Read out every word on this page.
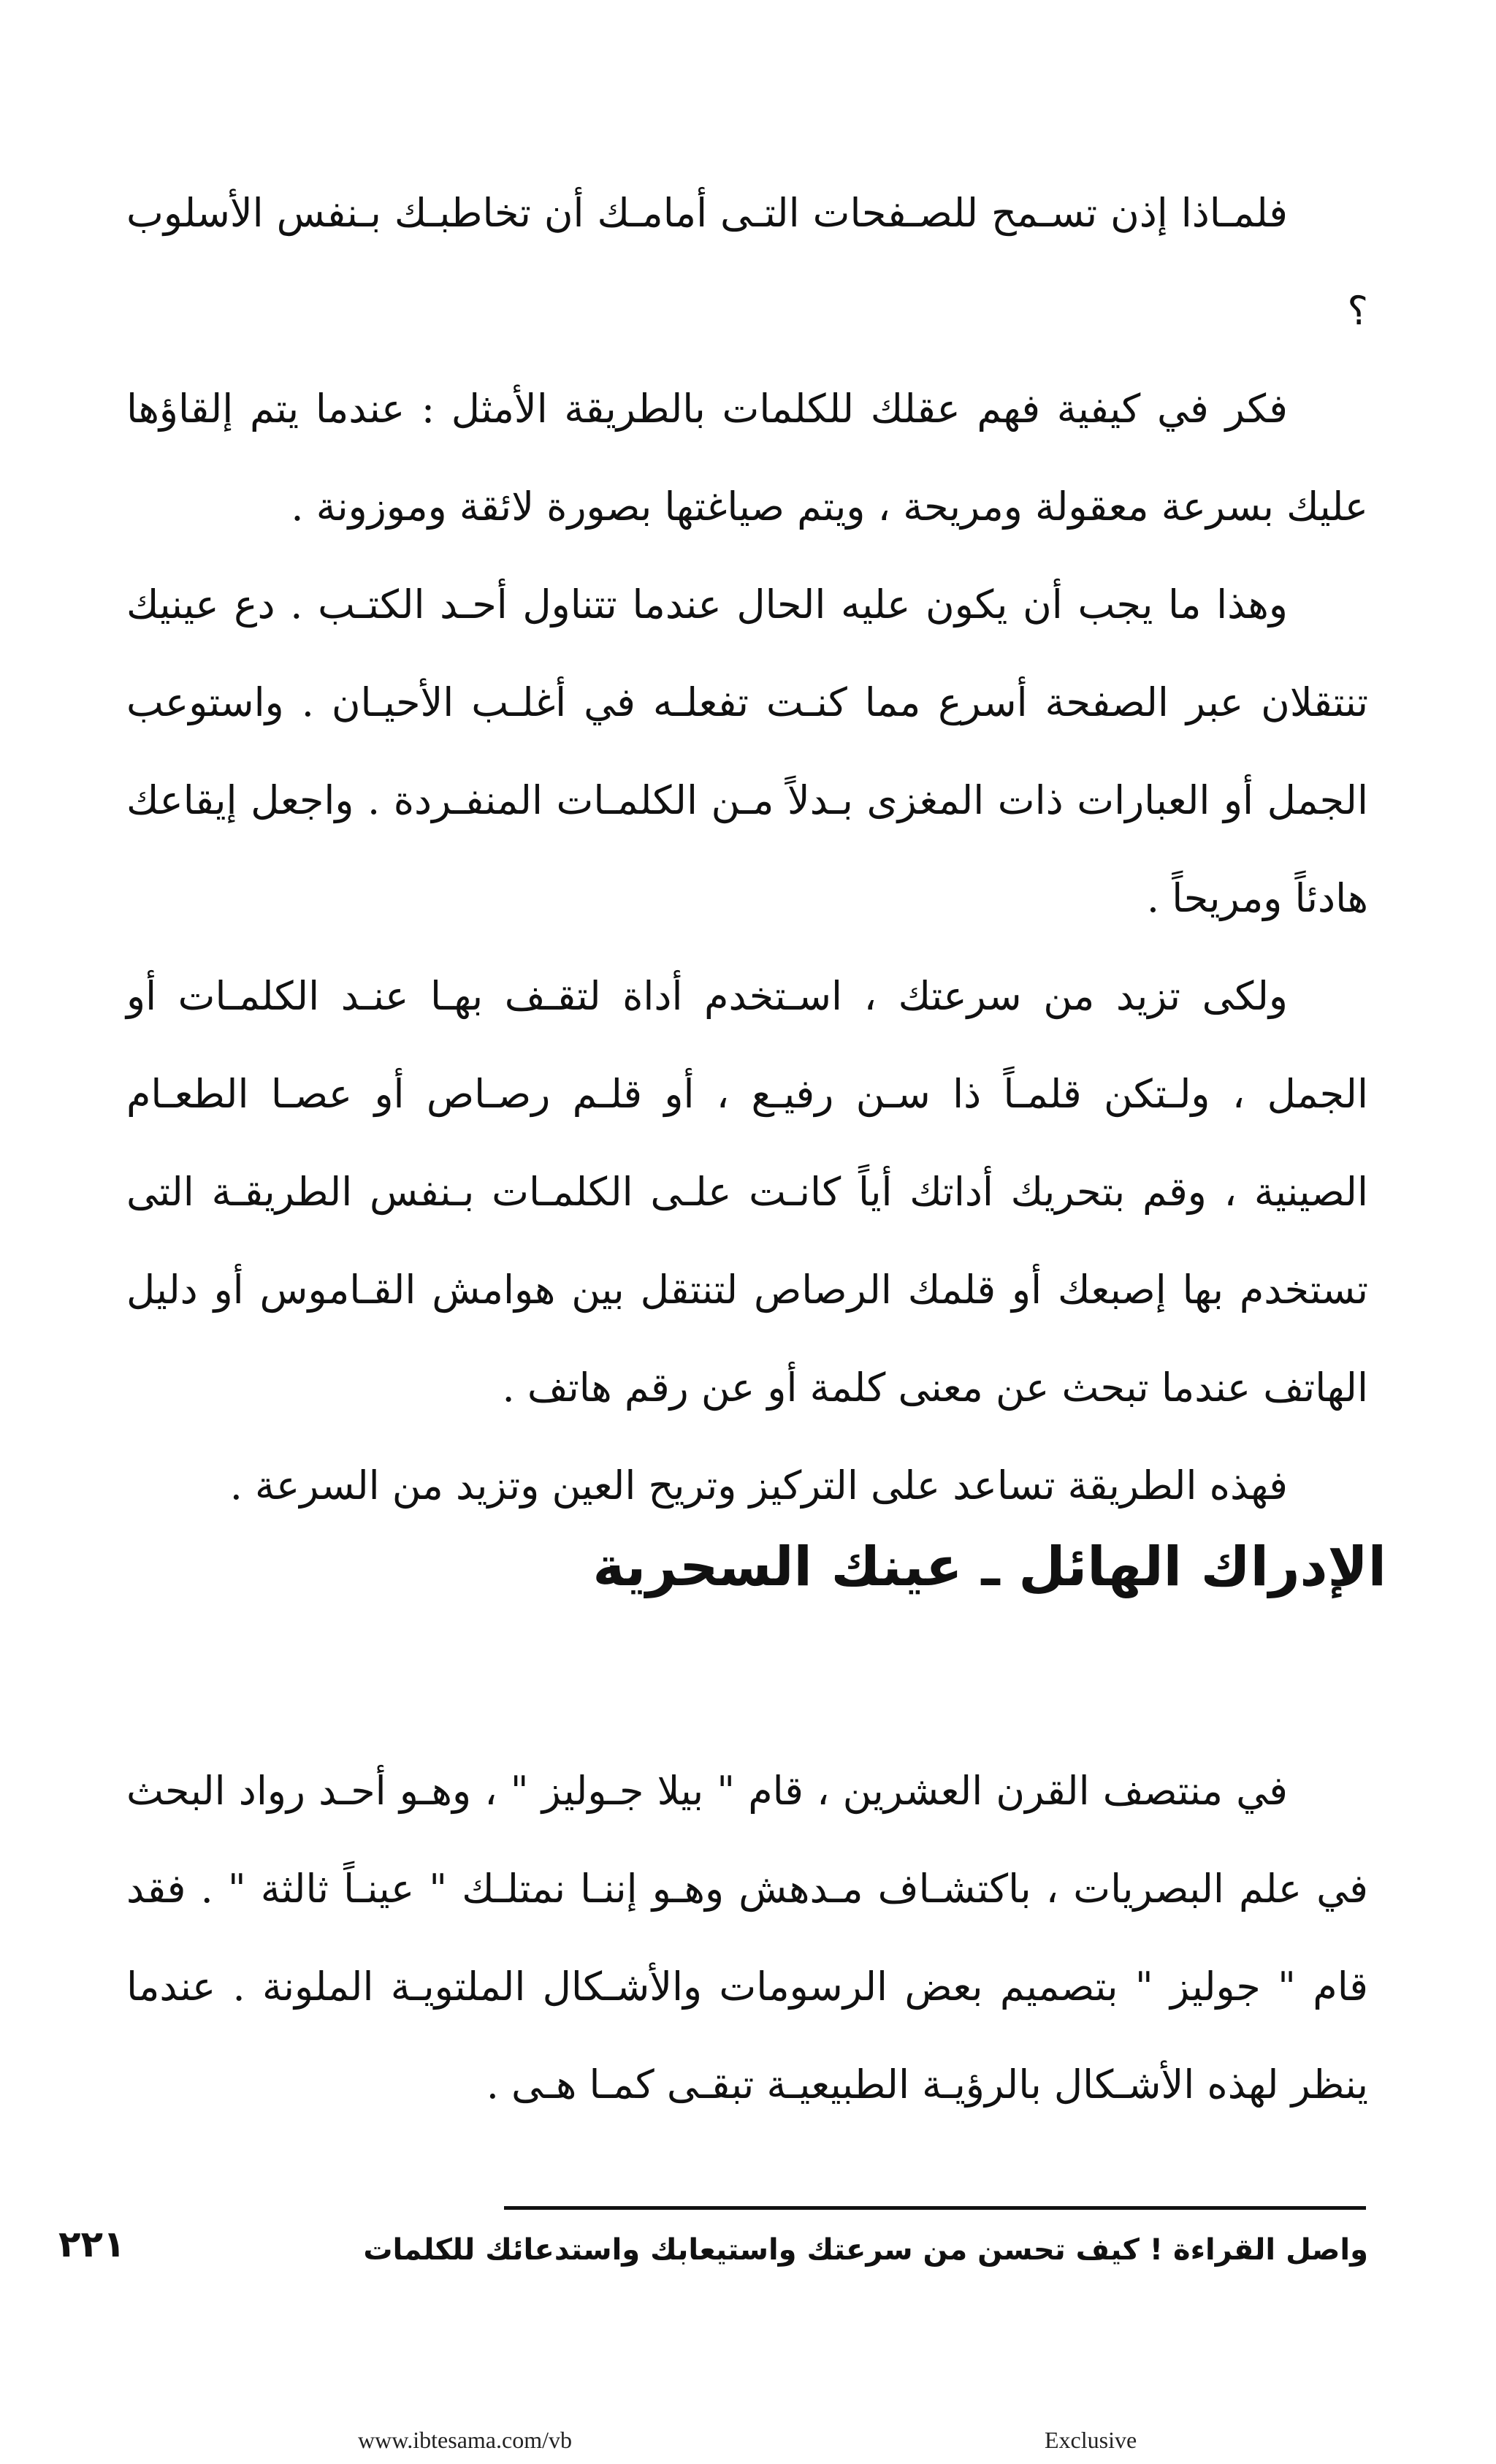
فلمـاذا إذن تسـمح للصـفحات التـى أمامـك أن تخاطبـك بـنفس الأسلوب ؟

فكر في كيفية فهم عقلك للكلمات بالطريقة الأمثل : عندما يتم إلقاؤها عليك بسرعة معقولة ومريحة ، ويتم صياغتها بصورة لائقة وموزونة .

وهذا ما يجب أن يكون عليه الحال عندما تتناول أحـد الكتـب . دع عينيك تنتقلان عبر الصفحة أسرع مما كنـت تفعلـه في أغلـب الأحيـان . واستوعب الجمل أو العبارات ذات المغزى بـدلاً مـن الكلمـات المنفـردة . واجعل إيقاعك هادئاً ومريحاً .

ولكى تزيد من سرعتك ، اسـتخدم أداة لتقـف بهـا عنـد الكلمـات أو الجمل ، ولـتكن قلمـاً ذا سـن رفيـع ، أو قلـم رصـاص أو عصـا الطعـام الصينية ، وقم بتحريك أداتك أياً كانـت علـى الكلمـات بـنفس الطريقـة التى تستخدم بها إصبعك أو قلمك الرصاص لتنتقل بين هوامش القـاموس أو دليل الهاتف عندما تبحث عن معنى كلمة أو عن رقم هاتف .

فهذه الطريقة تساعد على التركيز وتريح العين وتزيد من السرعة .

الإدراك الهائل ـ عينك السحرية

في منتصف القرن العشرين ، قام " بيلا جـوليز " ، وهـو أحـد رواد البحث في علم البصريات ، باكتشـاف مـدهش وهـو إننـا نمتلـك " عينـاً ثالثة " . فقد قام " جوليز " بتصميم بعض الرسومات والأشـكال الملتويـة الملونة . عندما ينظر لهذه الأشـكال بالرؤيـة الطبيعيـة تبقـى كمـا هـى .

واصل القراءة ! كيف تحسن من سرعتك واستيعابك واستدعائك للكلمات
٢٢١
www.ibtesama.com/vb	Exclusive
